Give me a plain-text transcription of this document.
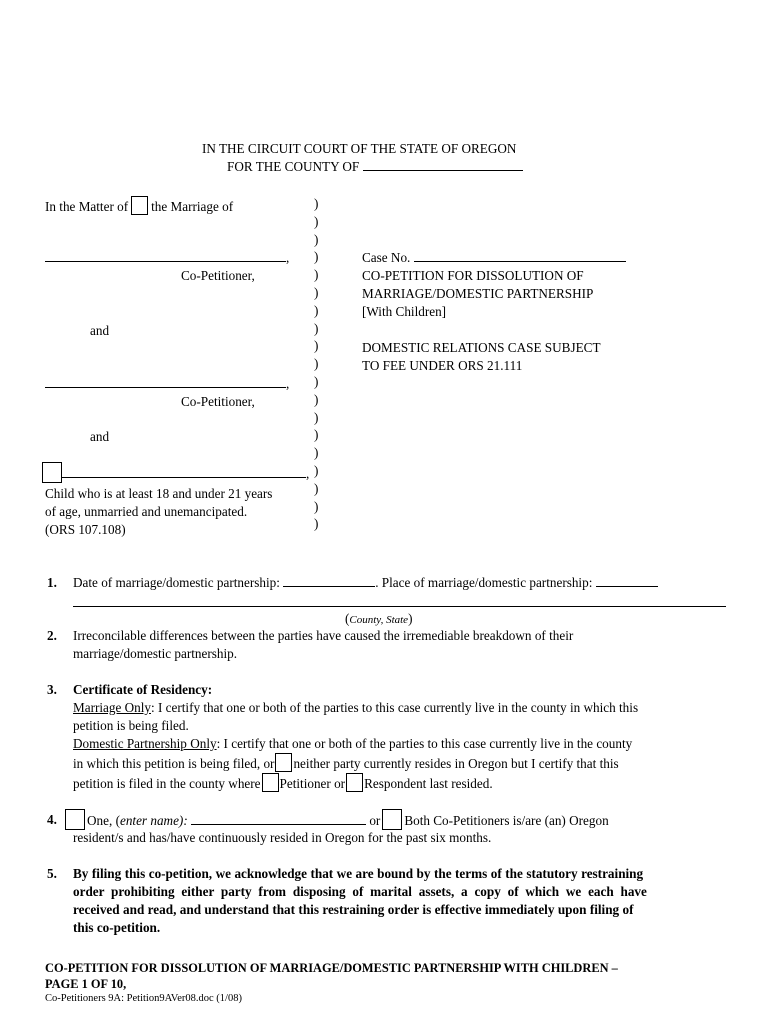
IN THE CIRCUIT COURT OF THE STATE OF OREGON
FOR THE COUNTY OF
In the Matter of the Marriage of
,
Co-Petitioner,
and
,
Co-Petitioner,
and
,
Child who is at least 18 and under 21 years
of age, unmarried and unemancipated.
(ORS 107.108)
)
)
)
)
)
)
)
)
)
)
)
)
)
)
)
)
)
)
)
Case No.
CO-PETITION FOR DISSOLUTION OF
MARRIAGE/DOMESTIC PARTNERSHIP
[With Children]
DOMESTIC RELATIONS CASE SUBJECT
TO FEE UNDER ORS 21.111
1. Date of marriage/domestic partnership:	. Place of marriage/domestic partnership:
(County, State)
2. Irreconcilable differences between the parties have caused the irremediable breakdown of their
marriage/domestic partnership.
3. Certificate of Residency:
Marriage Only: I certify that one or both of the parties to this case currently live in the county in which this
petition is being filed.
Domestic Partnership Only: I certify that one or both of the parties to this case currently live in the county
in which this petition is being filed, or neither party currently resides in Oregon but I certify that this
petition is filed in the county where Petitioner or Respondent last resided.
4.	One, (enter name):	or Both Co-Petitioners is/are (an) Oregon
resident/s and has/have continuously resided in Oregon for the past six months.
5. By filing this co-petition, we acknowledge that we are bound by the terms of the statutory restraining
order prohibiting either party from disposing of marital assets, a copy of which we each have
received and read, and understand that this restraining order is effective immediately upon filing of
this co-petition.
CO-PETITION FOR DISSOLUTION OF MARRIAGE/DOMESTIC PARTNERSHIP WITH CHILDREN –
PAGE 1 OF 10,
Co-Petitioners 9A: Petition9AVer08.doc (1/08)
